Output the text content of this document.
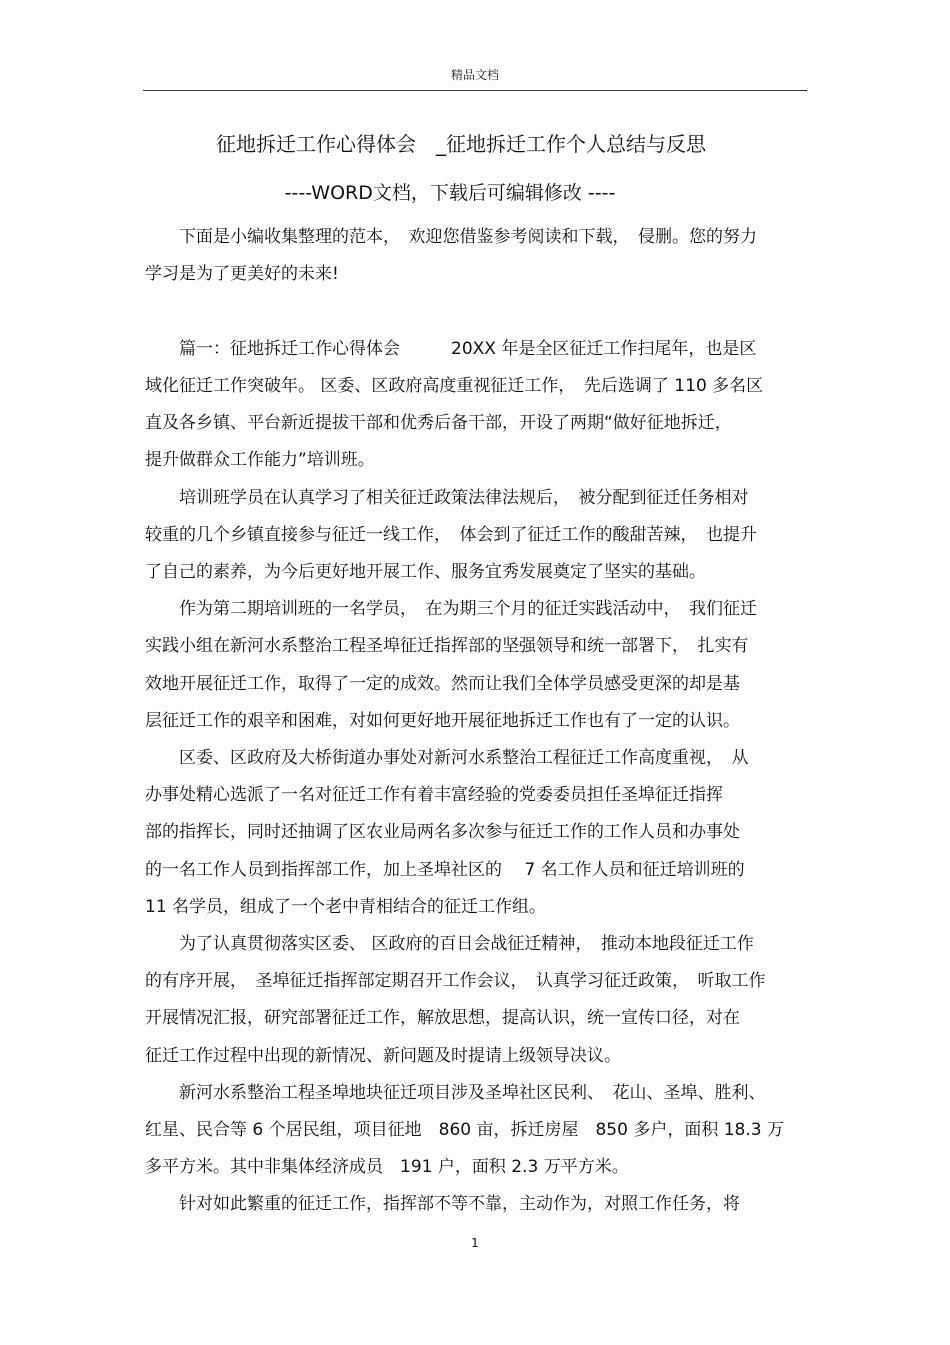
精品文档
征地拆迁工作心得体会　_征地拆迁工作个人总结与反思
----WORD文档，下载后可编辑修改 ----
　　下面是小编收集整理的范本，　欢迎您借鉴参考阅读和下载，　侵删。您的努力
学习是为了更美好的未来!
　　篇一：征地拆迁工作心得体会　　　20XX 年是全区征迁工作扫尾年，也是区
域化征迁工作突破年。 区委、区政府高度重视征迁工作，　先后选调了 110 多名区
直及各乡镇、平台新近提拔干部和优秀后备干部，开设了两期“做好征地拆迁，
提升做群众工作能力”培训班。
　　培训班学员在认真学习了相关征迁政策法律法规后，　被分配到征迁任务相对
较重的几个乡镇直接参与征迁一线工作，　体会到了征迁工作的酸甜苦辣，　也提升
了自己的素养，为今后更好地开展工作、服务宜秀发展奠定了坚实的基础。
　　作为第二期培训班的一名学员，　在为期三个月的征迁实践活动中，　我们征迁
实践小组在新河水系整治工程圣埠征迁指挥部的坚强领导和统一部署下，　扎实有
效地开展征迁工作，取得了一定的成效。然而让我们全体学员感受更深的却是基
层征迁工作的艰辛和困难，对如何更好地开展征地拆迁工作也有了一定的认识。
　　区委、区政府及大桥街道办事处对新河水系整治工程征迁工作高度重视，　从
办事处精心选派了一名对征迁工作有着丰富经验的党委委员担任圣埠征迁指挥
部的指挥长，同时还抽调了区农业局两名多次参与征迁工作的工作人员和办事处
的一名工作人员到指挥部工作，加上圣埠社区的　 7 名工作人员和征迁培训班的
11 名学员，组成了一个老中青相结合的征迁工作组。
　　为了认真贯彻落实区委、 区政府的百日会战征迁精神，　推动本地段征迁工作
的有序开展，　圣埠征迁指挥部定期召开工作会议，　认真学习征迁政策，　听取工作
开展情况汇报，研究部署征迁工作，解放思想，提高认识，统一宣传口径，对在
征迁工作过程中出现的新情况、新问题及时提请上级领导决议。
　　新河水系整治工程圣埠地块征迁项目涉及圣埠社区民利、　花山、圣埠、胜利、
红星、民合等 6 个居民组，项目征地　860 亩，拆迁房屋　850 多户，面积 18.3 万
多平方米。其中非集体经济成员　191 户，面积 2.3 万平方米。
　　针对如此繁重的征迁工作，指挥部不等不靠，主动作为，对照工作任务，将
1
